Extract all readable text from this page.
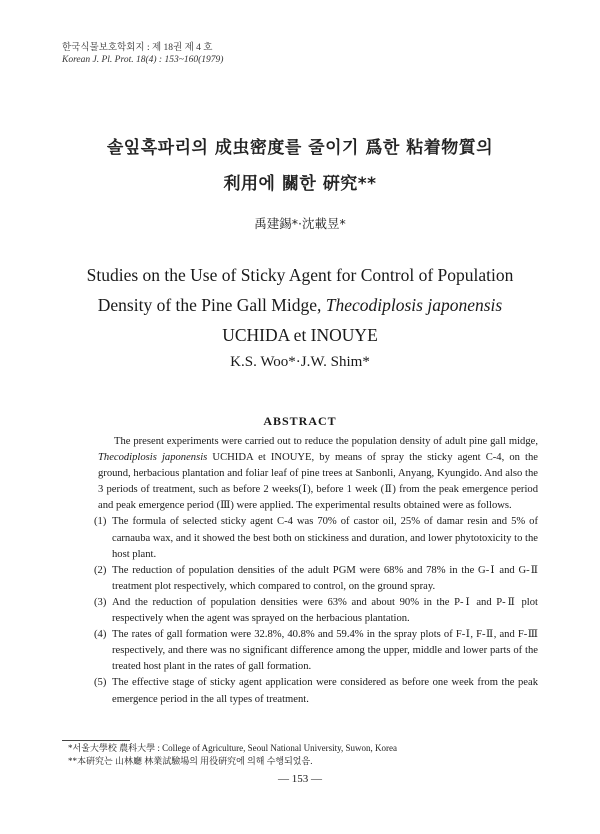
한국식물보호학회지 : 제 18권 제 4 호
Korean J. Pl. Prot. 18(4) : 153~160(1979)
솔잎혹파리의 成虫密度를 줄이기 爲한 粘着物質의
利用에 關한 硏究**
禹建錫*·沈載昱*
Studies on the Use of Sticky Agent for Control of Population
Density of the Pine Gall Midge, Thecodiplosis japonensis
UCHIDA et INOUYE
K.S. Woo*·J.W. Shim*
ABSTRACT

The present experiments were carried out to reduce the population density of adult pine gall midge, Thecodiplosis japonensis UCHIDA et INOUYE, by means of spray the sticky agent C-4, on the ground, herbacious plantation and foliar leaf of pine trees at Sanbonli, Anyang, Kyungido. And also the 3 periods of treatment, such as before 2 weeks(Ⅰ), before 1 week (Ⅱ) from the peak emergence period and peak emergence period (Ⅲ) were applied. The experimental results obtained were as follows.

(1) The formula of selected sticky agent C-4 was 70% of castor oil, 25% of damar resin and 5% of carnauba wax, and it showed the best both on stickiness and duration, and lower phytotoxicity to the host plant.
(2) The reduction of population densities of the adult PGM were 68% and 78% in the G-Ⅰ and G-Ⅱ treatment plot respectively, which compared to control, on the ground spray.
(3) And the reduction of population densities were 63% and about 90% in the P-Ⅰ and P-Ⅱ plot respectively when the agent was sprayed on the herbacious plantation.
(4) The rates of gall formation were 32.8%, 40.8% and 59.4% in the spray plots of F-Ⅰ, F-Ⅱ, and F-Ⅲ respectively, and there was no significant difference among the upper, middle and lower parts of the treated host plant in the rates of gall formation.
(5) The effective stage of sticky agent application were considered as before one week from the peak emergence period in the all types of treatment.
*서울大學校 農科大學 : College of Agriculture, Seoul National University, Suwon, Korea
**本硏究는 山林廳 林業試驗場의 用役硏究에 의해 수행되었음.
— 153 —
